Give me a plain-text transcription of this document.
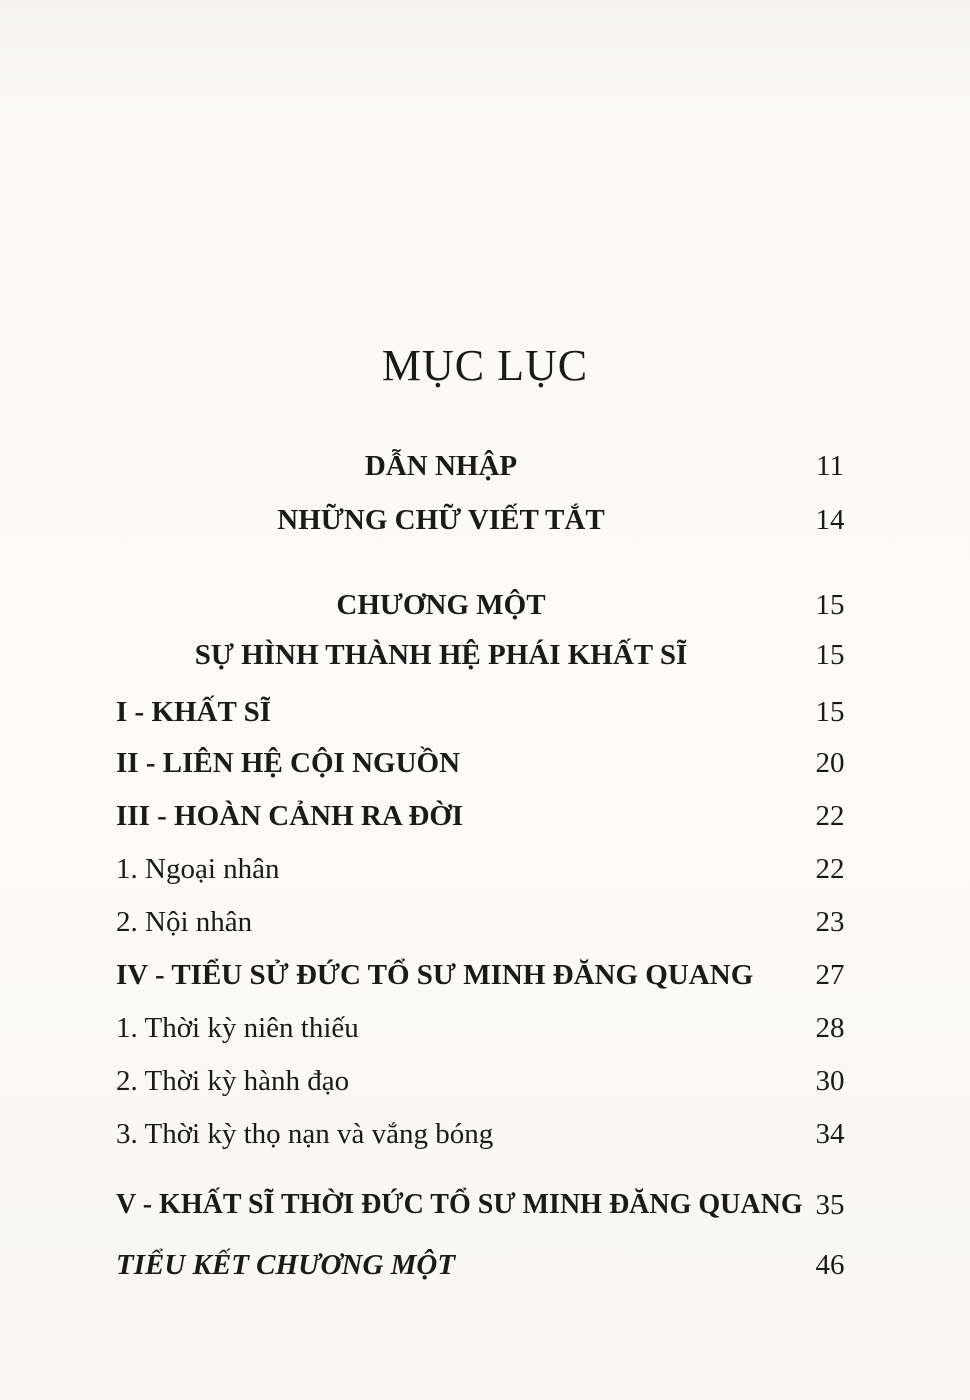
MỤC LỤC
DẪN NHẬP	11
NHỮNG CHỮ VIẾT TẮT	14
CHƯƠNG MỘT	15
SỰ HÌNH THÀNH HỆ PHÁI KHẤT SĨ	15
I - KHẤT SĨ	15
II - LIÊN HỆ CỘI NGUỒN	20
III - HOÀN CẢNH RA ĐỜI	22
1. Ngoại nhân	22
2. Nội nhân	23
IV - TIỂU SỬ ĐỨC TỔ SƯ MINH ĐĂNG QUANG	27
1. Thời kỳ niên thiếu	28
2. Thời kỳ hành đạo	30
3. Thời kỳ thọ nạn và vắng bóng	34
V - KHẤT SĨ THỜI ĐỨC TỔ SƯ MINH ĐĂNG QUANG 35
TIỂU KẾT CHƯƠNG MỘT	46
